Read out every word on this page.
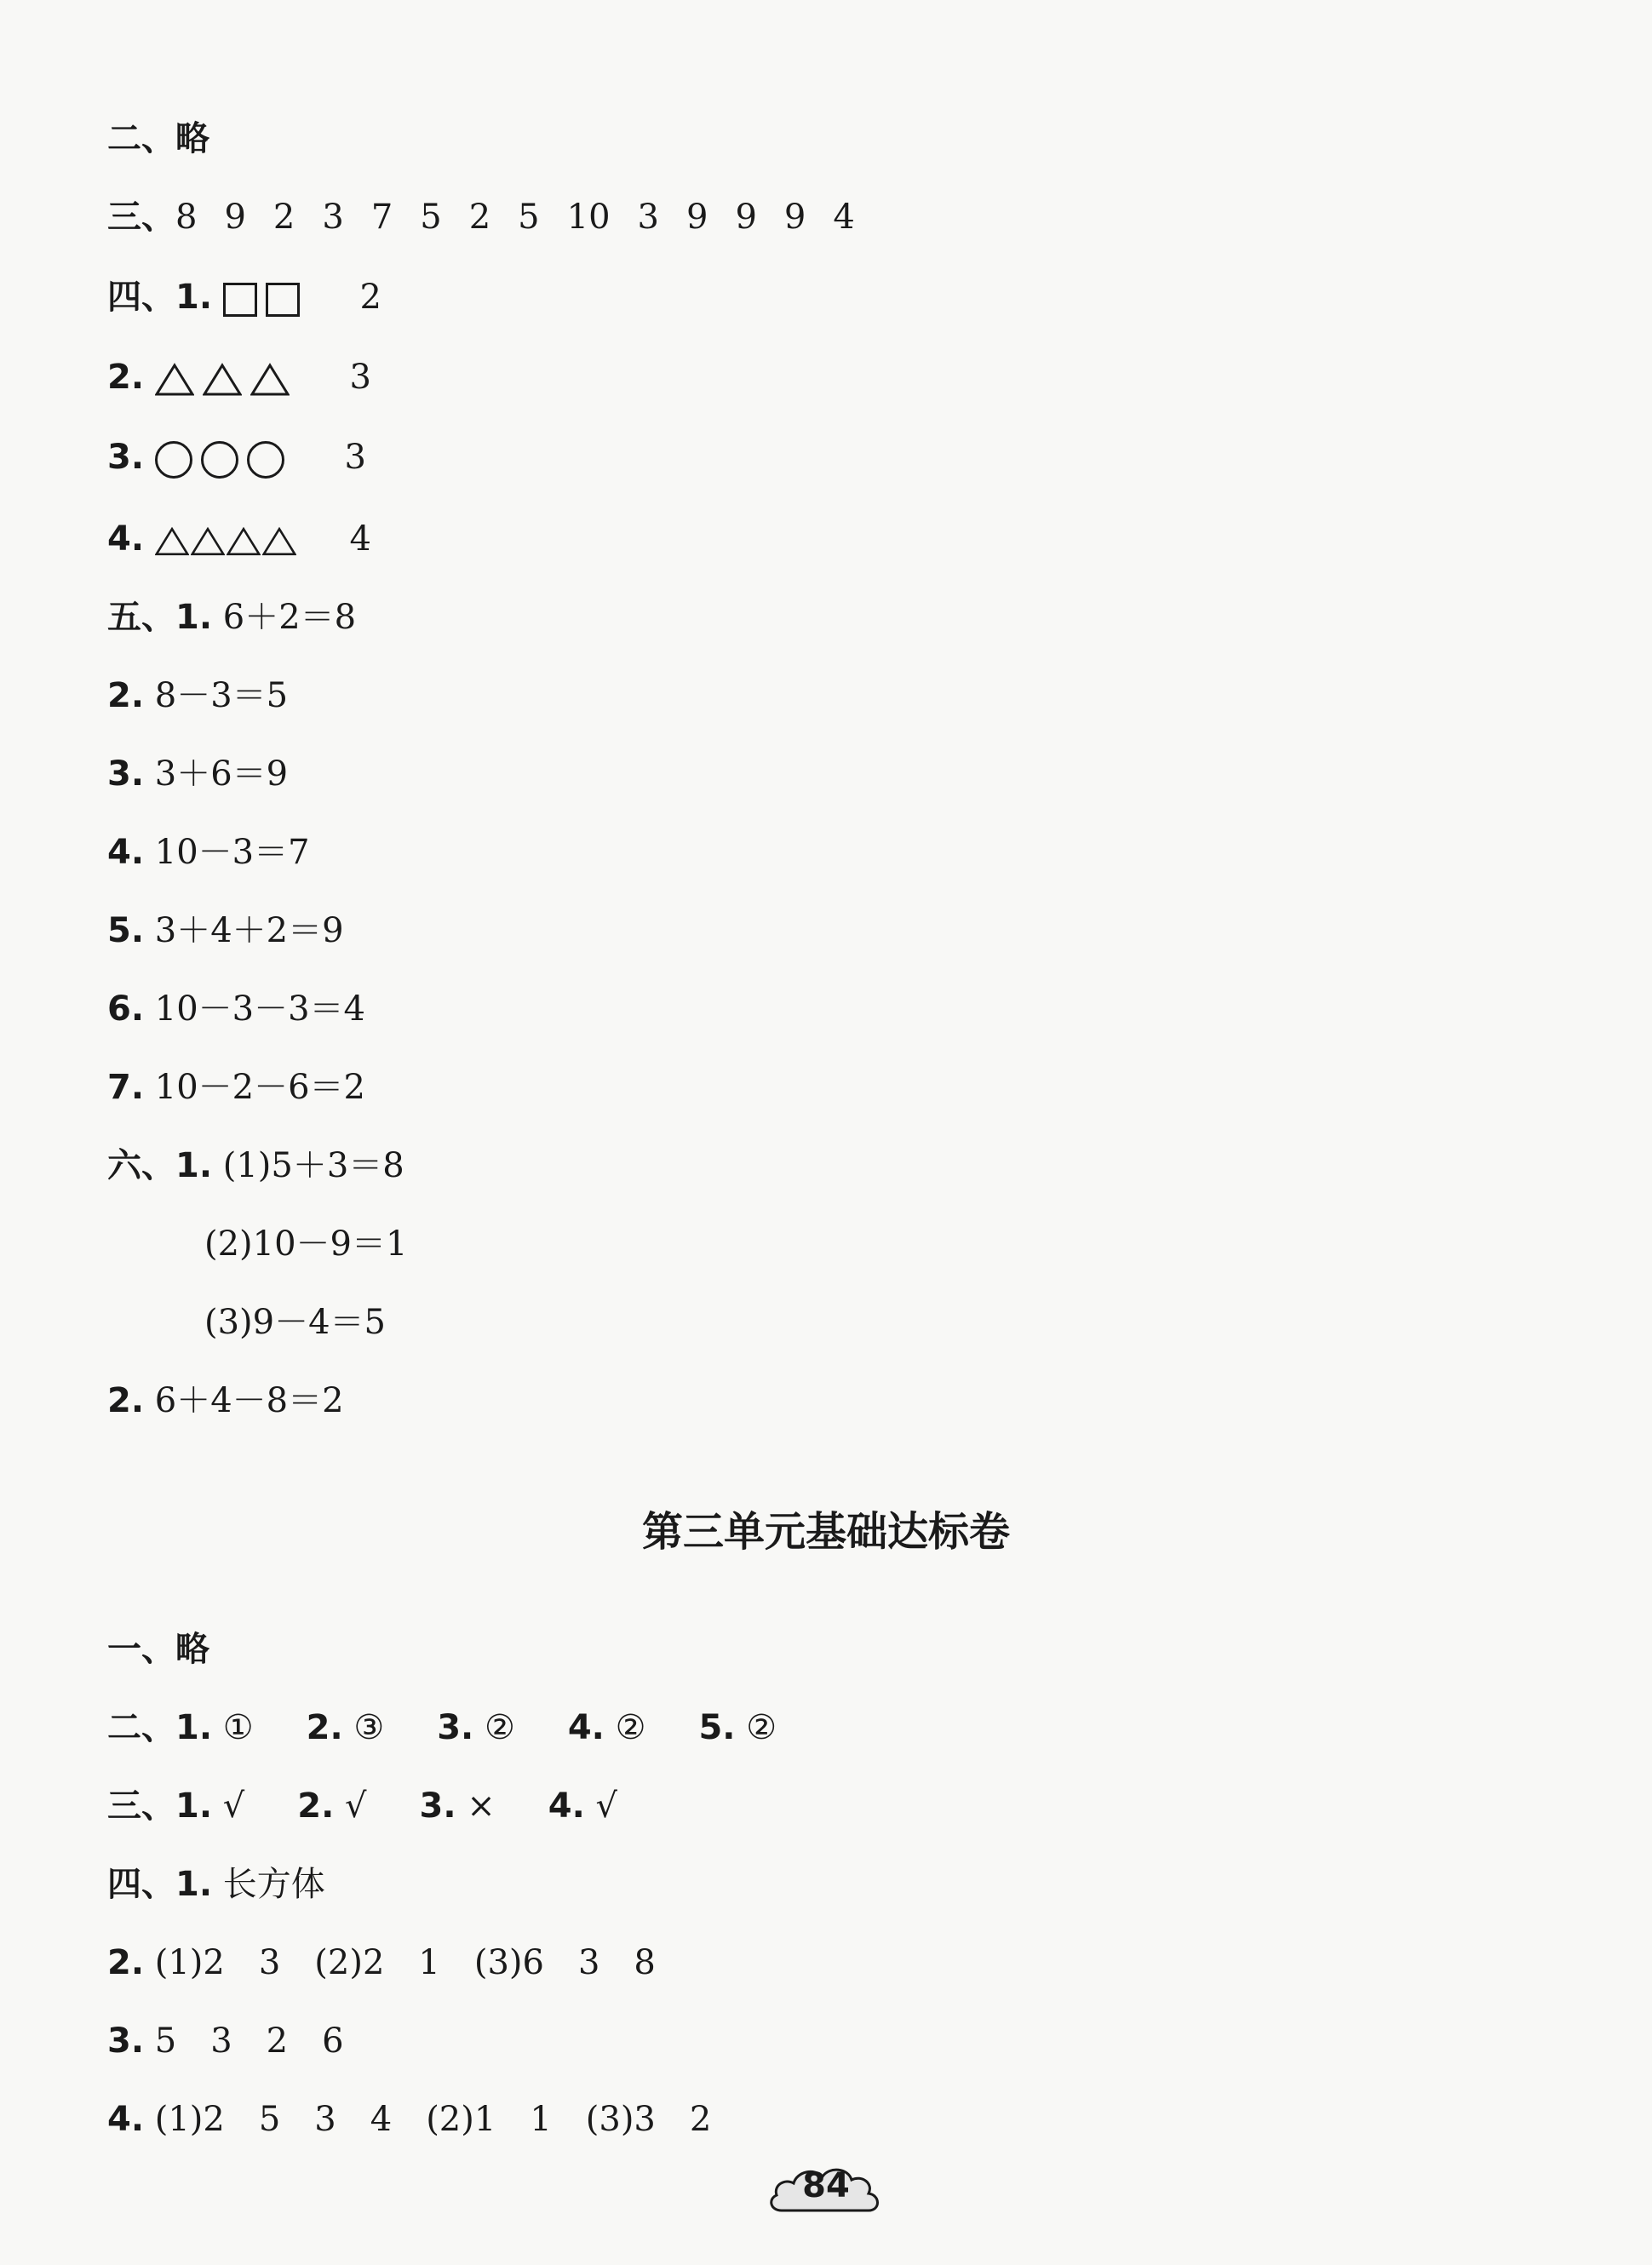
二、略
三、8 9 2 3 7 5 2 5 10 3 9 9 9 4
四、1.	2
2.	3
3.	3
4.	4
五、1. 6＋2＝8
2. 8－3＝5
3. 3＋6＝9
4. 10－3＝7
5. 3＋4＋2＝9
6. 10－3－3＝4
7. 10－2－6＝2
六、1. (1)5＋3＝8
(2)10－9＝1
(3)9－4＝5
2. 6＋4－8＝2
第三单元基础达标卷
一、略
二、1. ① 2. ③ 3. ② 4. ② 5. ②
三、1. √ 2. √ 3. × 4. √
四、1. 长方体
2. (1)2　3　(2)2　1　(3)6　3　8
3. 5　3　2　6
4. (1)2　5　3　4　(2)1　1　(3)3　2
84
